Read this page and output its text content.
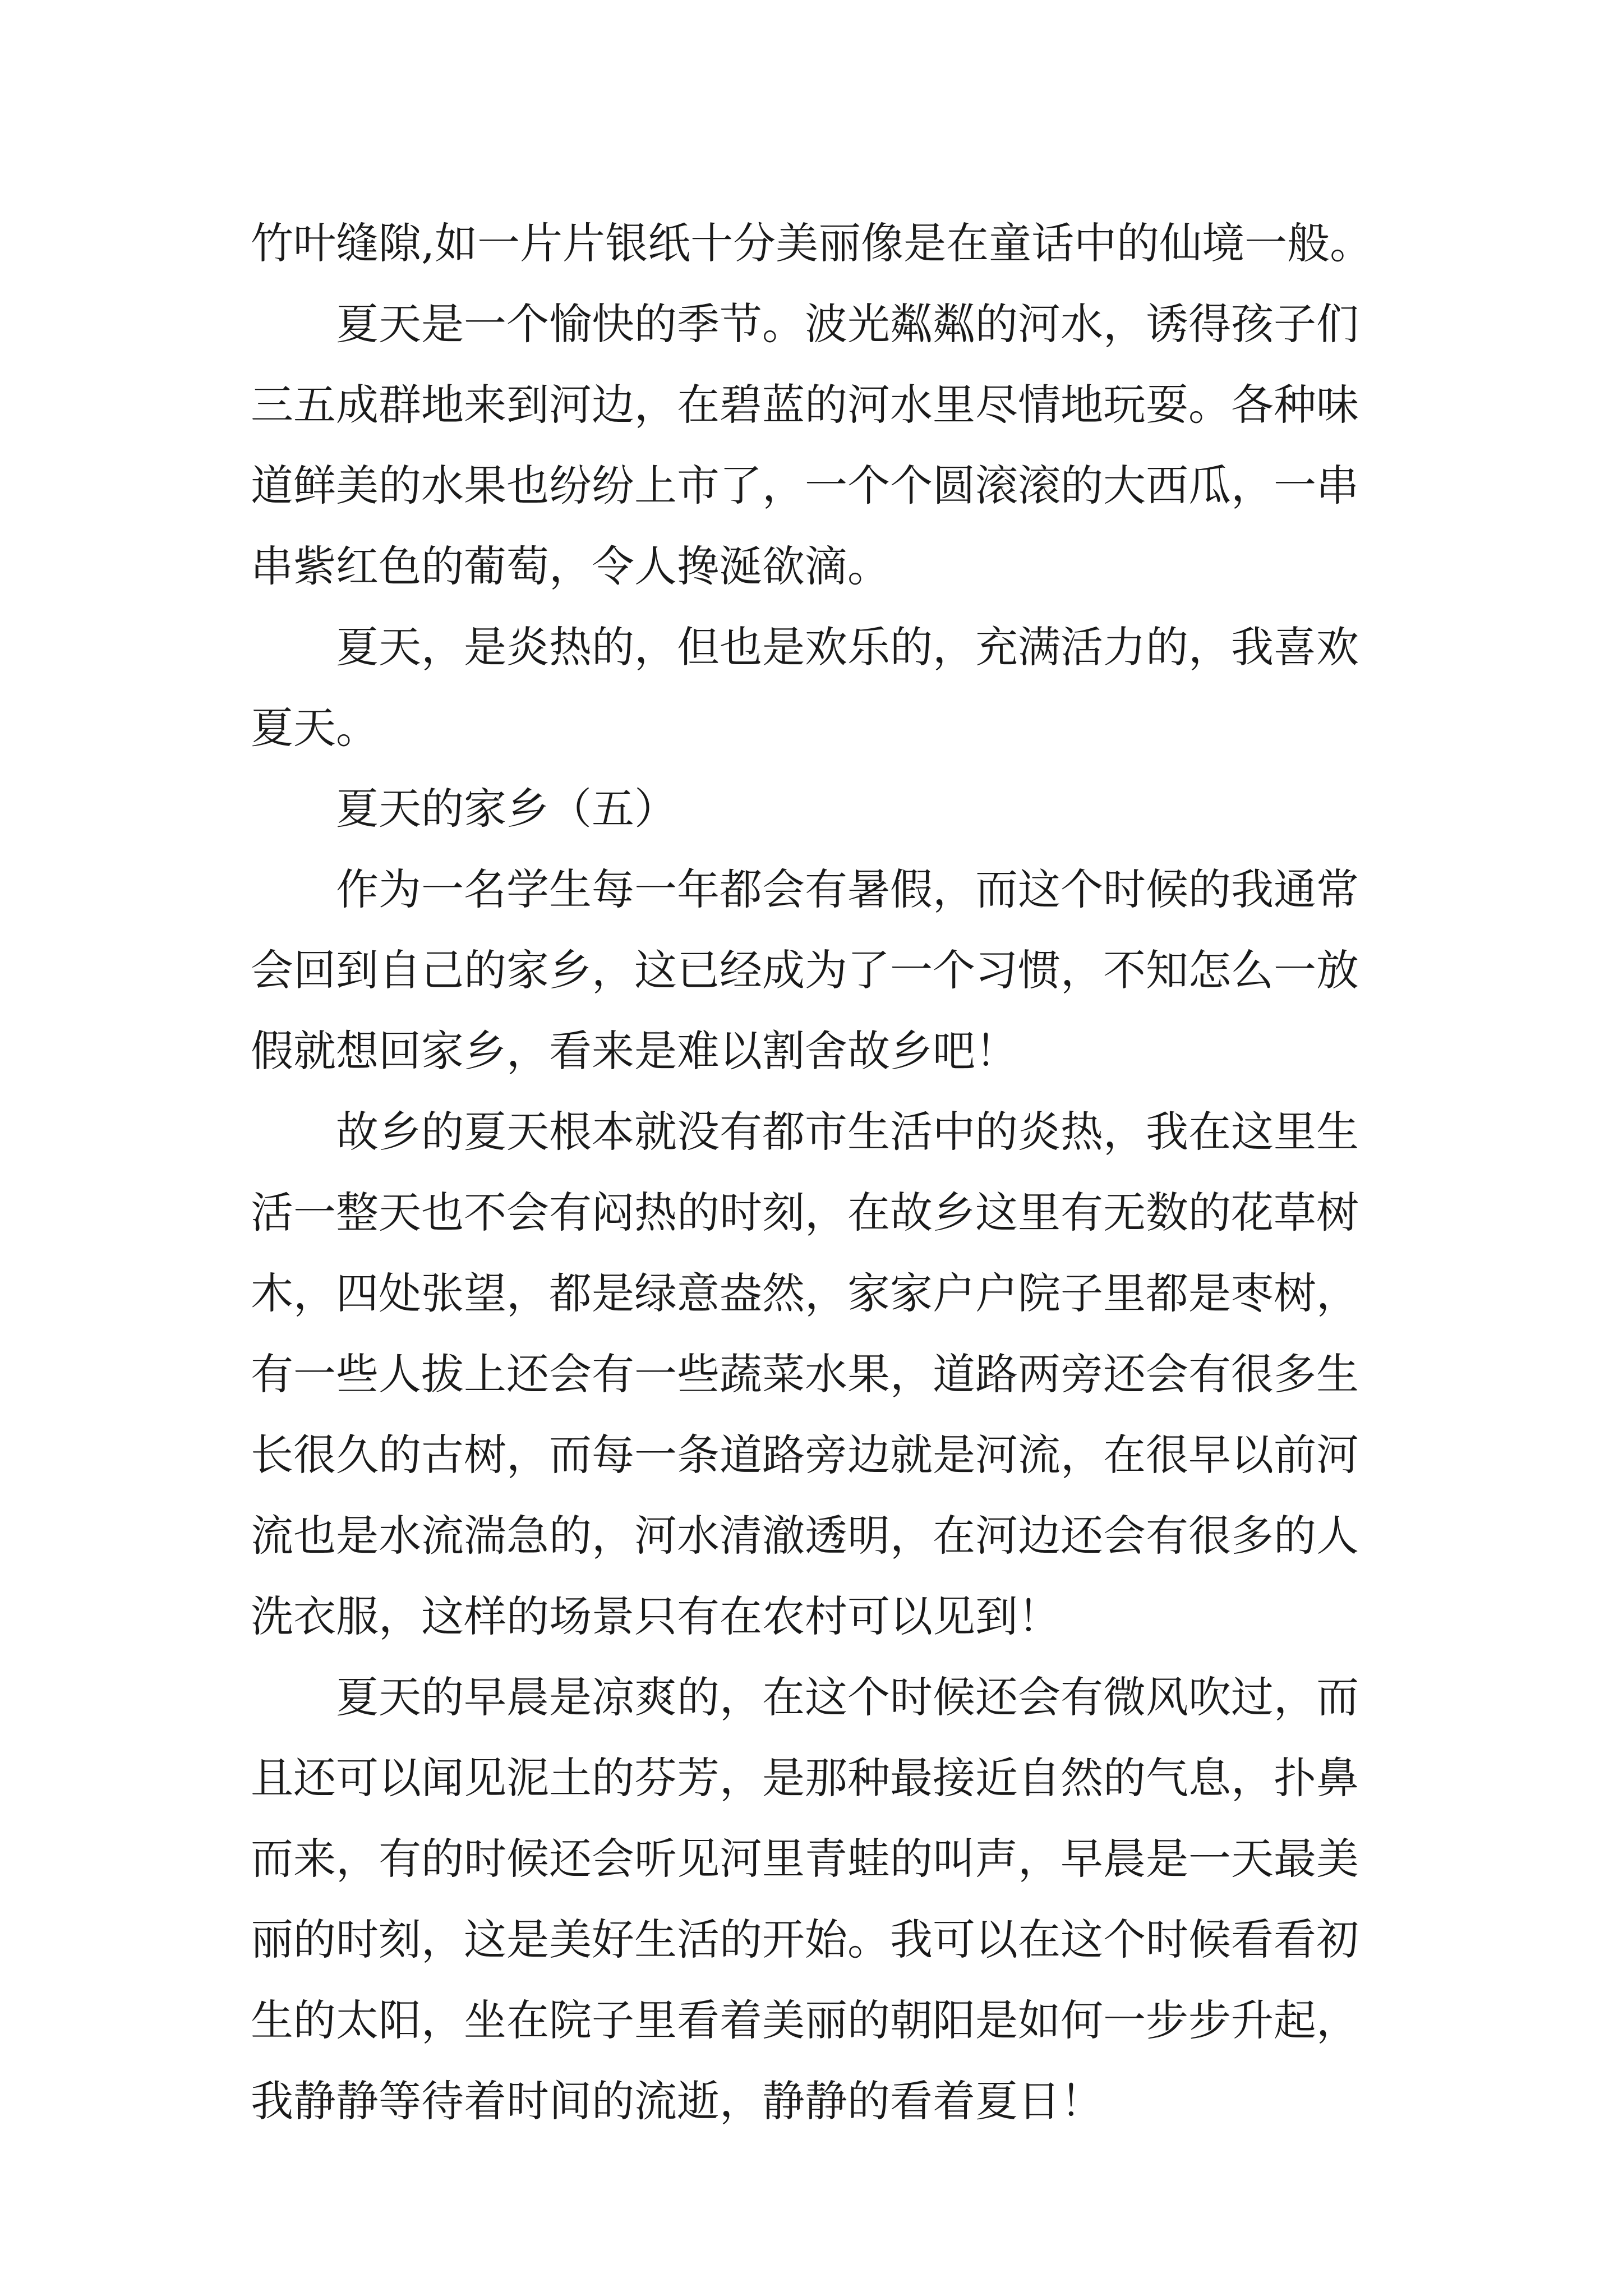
竹叶缝隙,如一片片银纸十分美丽像是在童话中的仙境一般。
夏天是一个愉快的季节。波光粼粼的河水，诱得孩子们
三五成群地来到河边，在碧蓝的河水里尽情地玩耍。各种味
道鲜美的水果也纷纷上市了，一个个圆滚滚的大西瓜，一串
串紫红色的葡萄，令人搀涎欲滴。
夏天，是炎热的，但也是欢乐的，充满活力的，我喜欢
夏天。
夏天的家乡（五）
作为一名学生每一年都会有暑假，而这个时候的我通常
会回到自己的家乡，这已经成为了一个习惯，不知怎么一放
假就想回家乡，看来是难以割舍故乡吧！
故乡的夏天根本就没有都市生活中的炎热，我在这里生
活一整天也不会有闷热的时刻，在故乡这里有无数的花草树
木，四处张望，都是绿意盎然，家家户户院子里都是枣树，
有一些人拔上还会有一些蔬菜水果，道路两旁还会有很多生
长很久的古树，而每一条道路旁边就是河流，在很早以前河
流也是水流湍急的，河水清澈透明，在河边还会有很多的人
洗衣服，这样的场景只有在农村可以见到！
夏天的早晨是凉爽的，在这个时候还会有微风吹过，而
且还可以闻见泥土的芬芳，是那种最接近自然的气息，扑鼻
而来，有的时候还会听见河里青蛙的叫声，早晨是一天最美
丽的时刻，这是美好生活的开始。我可以在这个时候看看初
生的太阳，坐在院子里看着美丽的朝阳是如何一步步升起，
我静静等待着时间的流逝，静静的看着夏日！
